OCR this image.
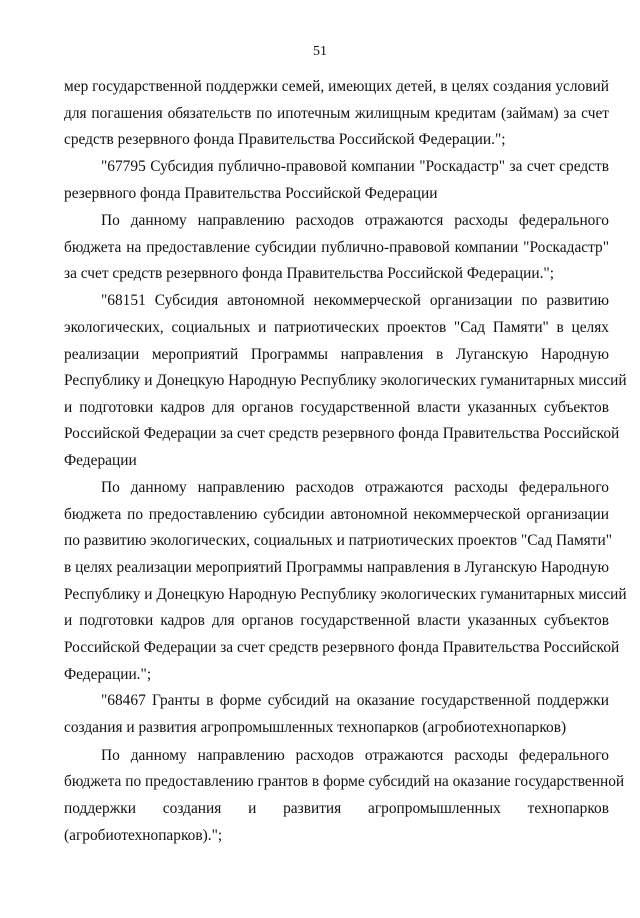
51
мер государственной поддержки семей, имеющих детей, в целях создания условий
для погашения обязательств по ипотечным жилищным кредитам (займам) за счет
средств резервного фонда Правительства Российской Федерации.";
"67795 Субсидия публично-правовой компании "Роскадастр" за счет средств
резервного фонда Правительства Российской Федерации
По данному направлению расходов отражаются расходы федерального
бюджета на предоставление субсидии публично-правовой компании "Роскадастр"
за счет средств резервного фонда Правительства Российской Федерации.";
"68151 Субсидия автономной некоммерческой организации по развитию
экологических, социальных и патриотических проектов "Сад Памяти" в целях
реализации мероприятий Программы направления в Луганскую Народную
Республику и Донецкую Народную Республику экологических гуманитарных миссий
и подготовки кадров для органов государственной власти указанных субъектов
Российской Федерации за счет средств резервного фонда Правительства Российской
Федерации
По данному направлению расходов отражаются расходы федерального
бюджета по предоставлению субсидии автономной некоммерческой организации
по развитию экологических, социальных и патриотических проектов "Сад Памяти"
в целях реализации мероприятий Программы направления в Луганскую Народную
Республику и Донецкую Народную Республику экологических гуманитарных миссий
и подготовки кадров для органов государственной власти указанных субъектов
Российской Федерации за счет средств резервного фонда Правительства Российской
Федерации.";
"68467 Гранты в форме субсидий на оказание государственной поддержки
создания и развития агропромышленных технопарков (агробиотехнопарков)
По данному направлению расходов отражаются расходы федерального
бюджета по предоставлению грантов в форме субсидий на оказание государственной
поддержки создания и развития агропромышленных технопарков
(агробиотехнопарков).";
